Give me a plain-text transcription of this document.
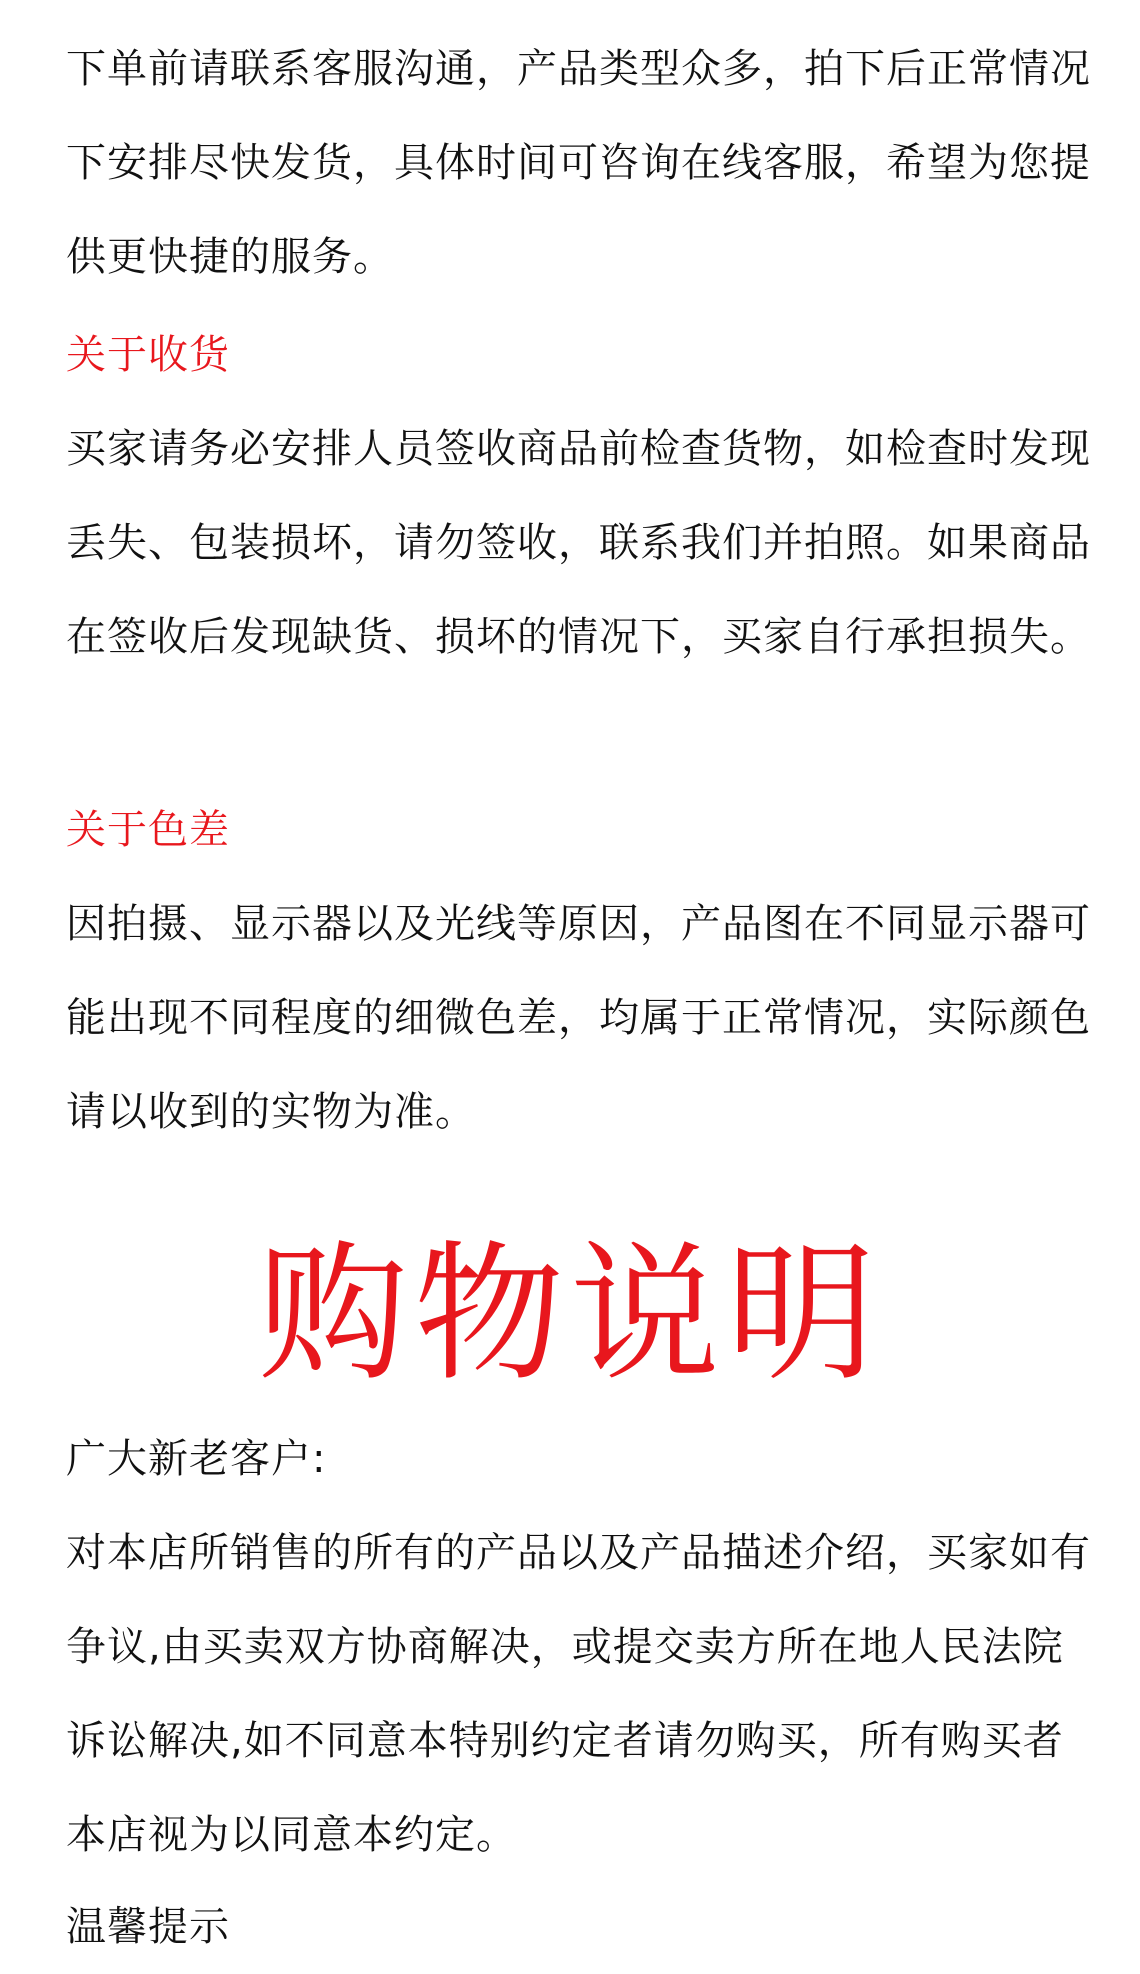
下单前请联系客服沟通，产品类型众多，拍下后正常情况下安排尽快发货，具体时间可咨询在线客服，希望为您提供更快捷的服务。
关于收货
买家请务必安排人员签收商品前检查货物，如检查时发现丢失、包装损坏，请勿签收，联系我们并拍照。如果商品在签收后发现缺货、损坏的情况下，买家自行承担损失。
关于色差
因拍摄、显示器以及光线等原因，产品图在不同显示器可能出现不同程度的细微色差，均属于正常情况，实际颜色请以收到的实物为准。
购物说明
广大新老客户:
对本店所销售的所有的产品以及产品描述介绍，买家如有争议,由买卖双方协商解决，或提交卖方所在地人民法院诉讼解决,如不同意本特别约定者请勿购买，所有购买者本店视为以同意本约定。
温馨提示
